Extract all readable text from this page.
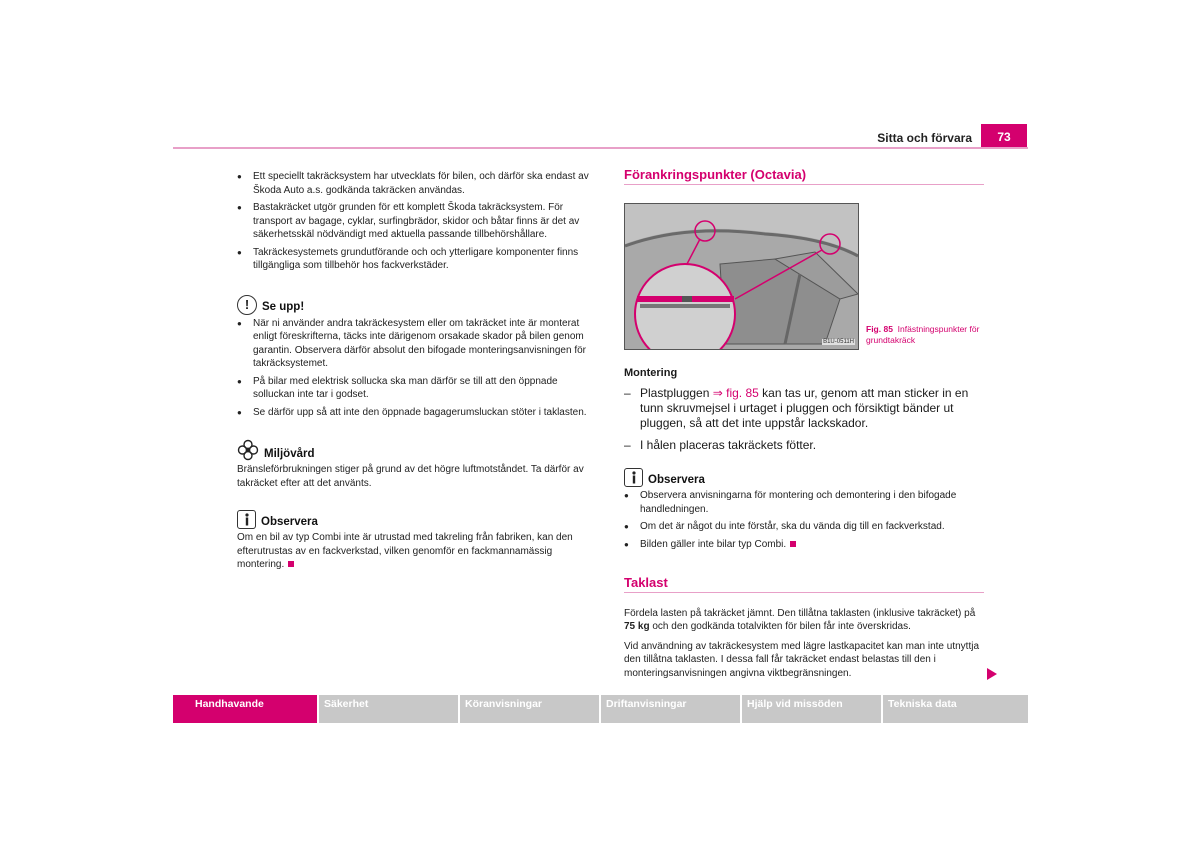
Sitta och förvara	73
● Ett speciellt takräcksystem har utvecklats för bilen, och därför ska endast av Škoda Auto a.s. godkända takräcken användas.
● Bastakräcket utgör grunden för ett komplett Škoda takräcksystem. För transport av bagage, cyklar, surfingbrädor, skidor och båtar finns är det av säkerhetsskäl nödvändigt med aktuella passande tillbehörshållare.
● Takräckesystemets grundutförande och och ytterligare komponenter finns tillgängliga som tillbehör hos fackverkstäder.
!	Se upp!
● När ni använder andra takräckesystem eller om takräcket inte är monterat enligt föreskrifterna, täcks inte därigenom orsakade skador på bilen genom garantin. Observera därför absolut den bifogade monteringsanvisningen för takräcksystemet.
● På bilar med elektrisk sollucka ska man därför se till att den öppnade solluckan inte tar i godset.
● Se därför upp så att inte den öppnade bagagerumsluckan stöter i taklasten.
Miljövård
Bränsleförbrukningen stiger på grund av det högre luftmotståndet. Ta därför av takräcket efter att det använts.
Observera
Om en bil av typ Combi inte är utrustad med takreling från fabriken, kan den efterutrustas av en fackverkstad, vilken genomför en fackmannamässig montering.
Förankringspunkter (Octavia)
B1U-0511H
Fig. 85 Infästningspunkter för grundtakräck
Montering
– Plastpluggen ⇒ fig. 85 kan tas ur, genom att man sticker in en tunn skruvmejsel i urtaget i pluggen och försiktigt bänder ut pluggen, så att det inte uppstår lackskador.
– I hålen placeras takräckets fötter.
Observera
● Observera anvisningarna för montering och demontering i den bifogade handledningen.
● Om det är något du inte förstår, ska du vända dig till en fackverkstad.
● Bilden gäller inte bilar typ Combi.
Taklast
Fördela lasten på takräcket jämnt. Den tillåtna taklasten (inklusive takräcket) på 75 kg och den godkända totalvikten för bilen får inte överskridas.
Vid användning av takräckesystem med lägre lastkapacitet kan man inte utnyttja den tillåtna taklasten. I dessa fall får takräcket endast belastas till den i monteringsanvisningen angivna viktbegränsningen.
Handhavande	Säkerhet	Köranvisningar	Driftanvisningar	Hjälp vid missöden	Tekniska data
